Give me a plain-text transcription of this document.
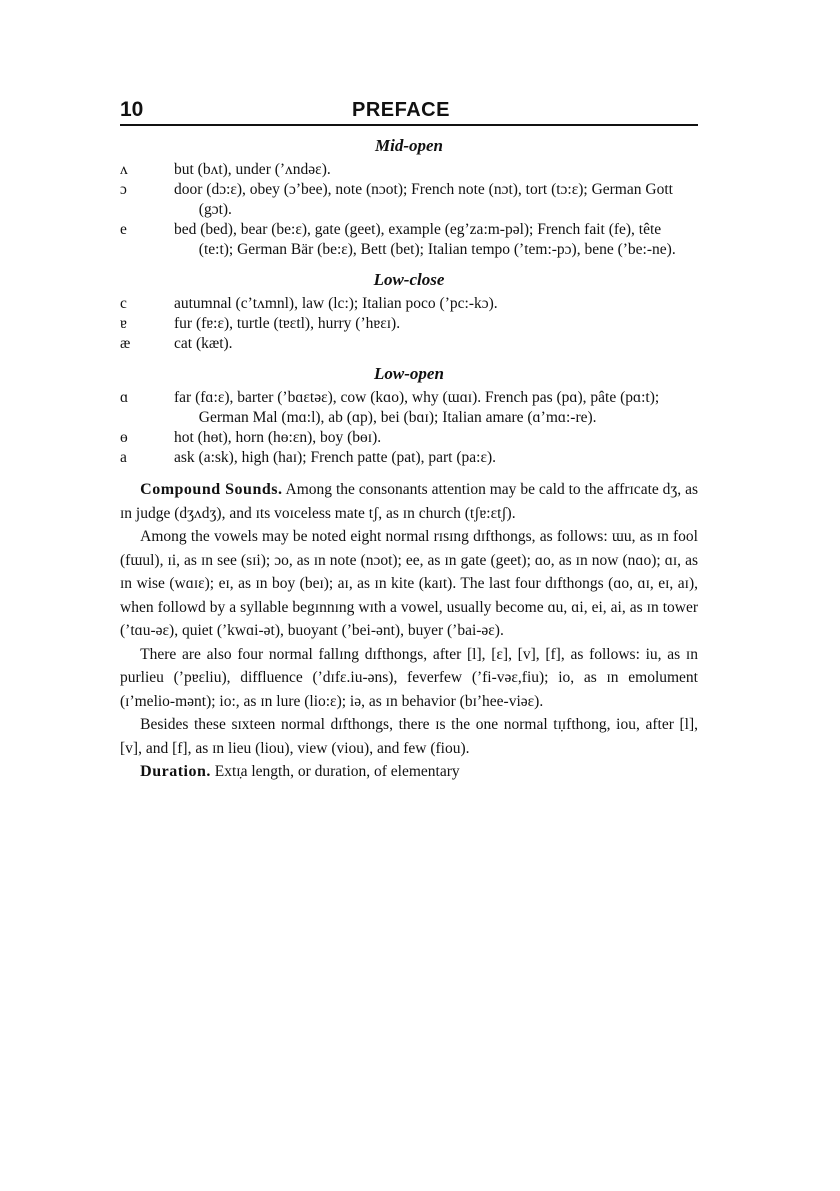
10	PREFACE
Mid-open
ʌ	but (bʌt), under (ʼʌndəɛ).
ɔ	door (dɔ:ɛ), obey (ɔʼbee), note (nɔot); French note (nɔt), tort (tɔ:ɛ); German Gott (gɔt).
e	bed (bed), bear (be:ɛ), gate (geet), example (egʼza:m-pəl); French fait (fe), tête (te:t); German Bär (be:ɛ), Bett (bet); Italian tempo (ʼtem:-pɔ), bene (ʼbe:-ne).
Low-close
c	autumnal (cʼtʌmnl), law (lc:); Italian poco (ʼpc:-kɔ).
ɐ	fur (fɐ:ɛ), turtle (tɐɛtl), hurry (ʼhɐɛɪ).
æ	cat (kæt).
Low-open
ɑ	far (fɑ:ɛ), barter (ʼbɑɛtəɛ), cow (kɑo), why (ɯɑɪ). French pas (pɑ), pâte (pɑ:t); German Mal (mɑ:l), ab (ɑp), bei (bɑɪ); Italian amare (ɑʼmɑ:-re).
ɵ	hot (hɵt), horn (hɵ:ɛn), boy (bɵɪ).
a	ask (a:sk), high (haɪ); French patte (pat), part (pa:ɛ).

Compound Sounds. Among the consonants attention may be cald to the affrɪcate dʒ, as ɪn judge (dʒʌdʒ), and ɪts voɪceless mate tʃ, as ɪn church (tʃɐ:ɛtʃ).

Among the vowels may be noted eight normal rɪsɪng dɪfthongs, as follows: ɯu, as ɪn fool (fɯul), ɪi, as ɪn see (sɪi); ɔo, as ɪn note (nɔot); ee, as ɪn gate (geet); ɑo, as ɪn now (nɑo); ɑɪ, as ɪn wise (wɑɪɛ); eɪ, as ɪn boy (beɪ); aɪ, as ɪn kite (kaɪt). The last four dɪfthongs (ɑo, ɑɪ, eɪ, aɪ), when followd by a syllable begɪnnɪng wɪth a vowel, usually become ɑu, ɑi, ei, ai, as ɪn tower (ʼtɑu-əɛ), quiet (ʼkwɑi-ət), buoyant (ʼbei-ənt), buyer (ʼbai-əɛ).

There are also four normal fallɪng dɪfthongs, after [l], [ɛ], [v], [f], as follows: iu, as ɪn purlieu (ʼpɐɛliu), diffluence (ʼdɪfɛ.iu-əns), feverfew (ʼfi-vəɛ,fiu); io, as ɪn emolument (ɪʼmelio-mənt); io:, as ɪn lure (lio:ɛ); iə, as ɪn behavior (bɪʼhee-viəɛ).

Besides these sɪxteen normal dɪfthongs, there ɪs the one normal tɪ̣ɪfthong, iou, after [l], [v], and [f], as ɪn lieu (liou), view (viou), and few (fiou).

Duration. Extɪ̣a length, or duration, of elementary
